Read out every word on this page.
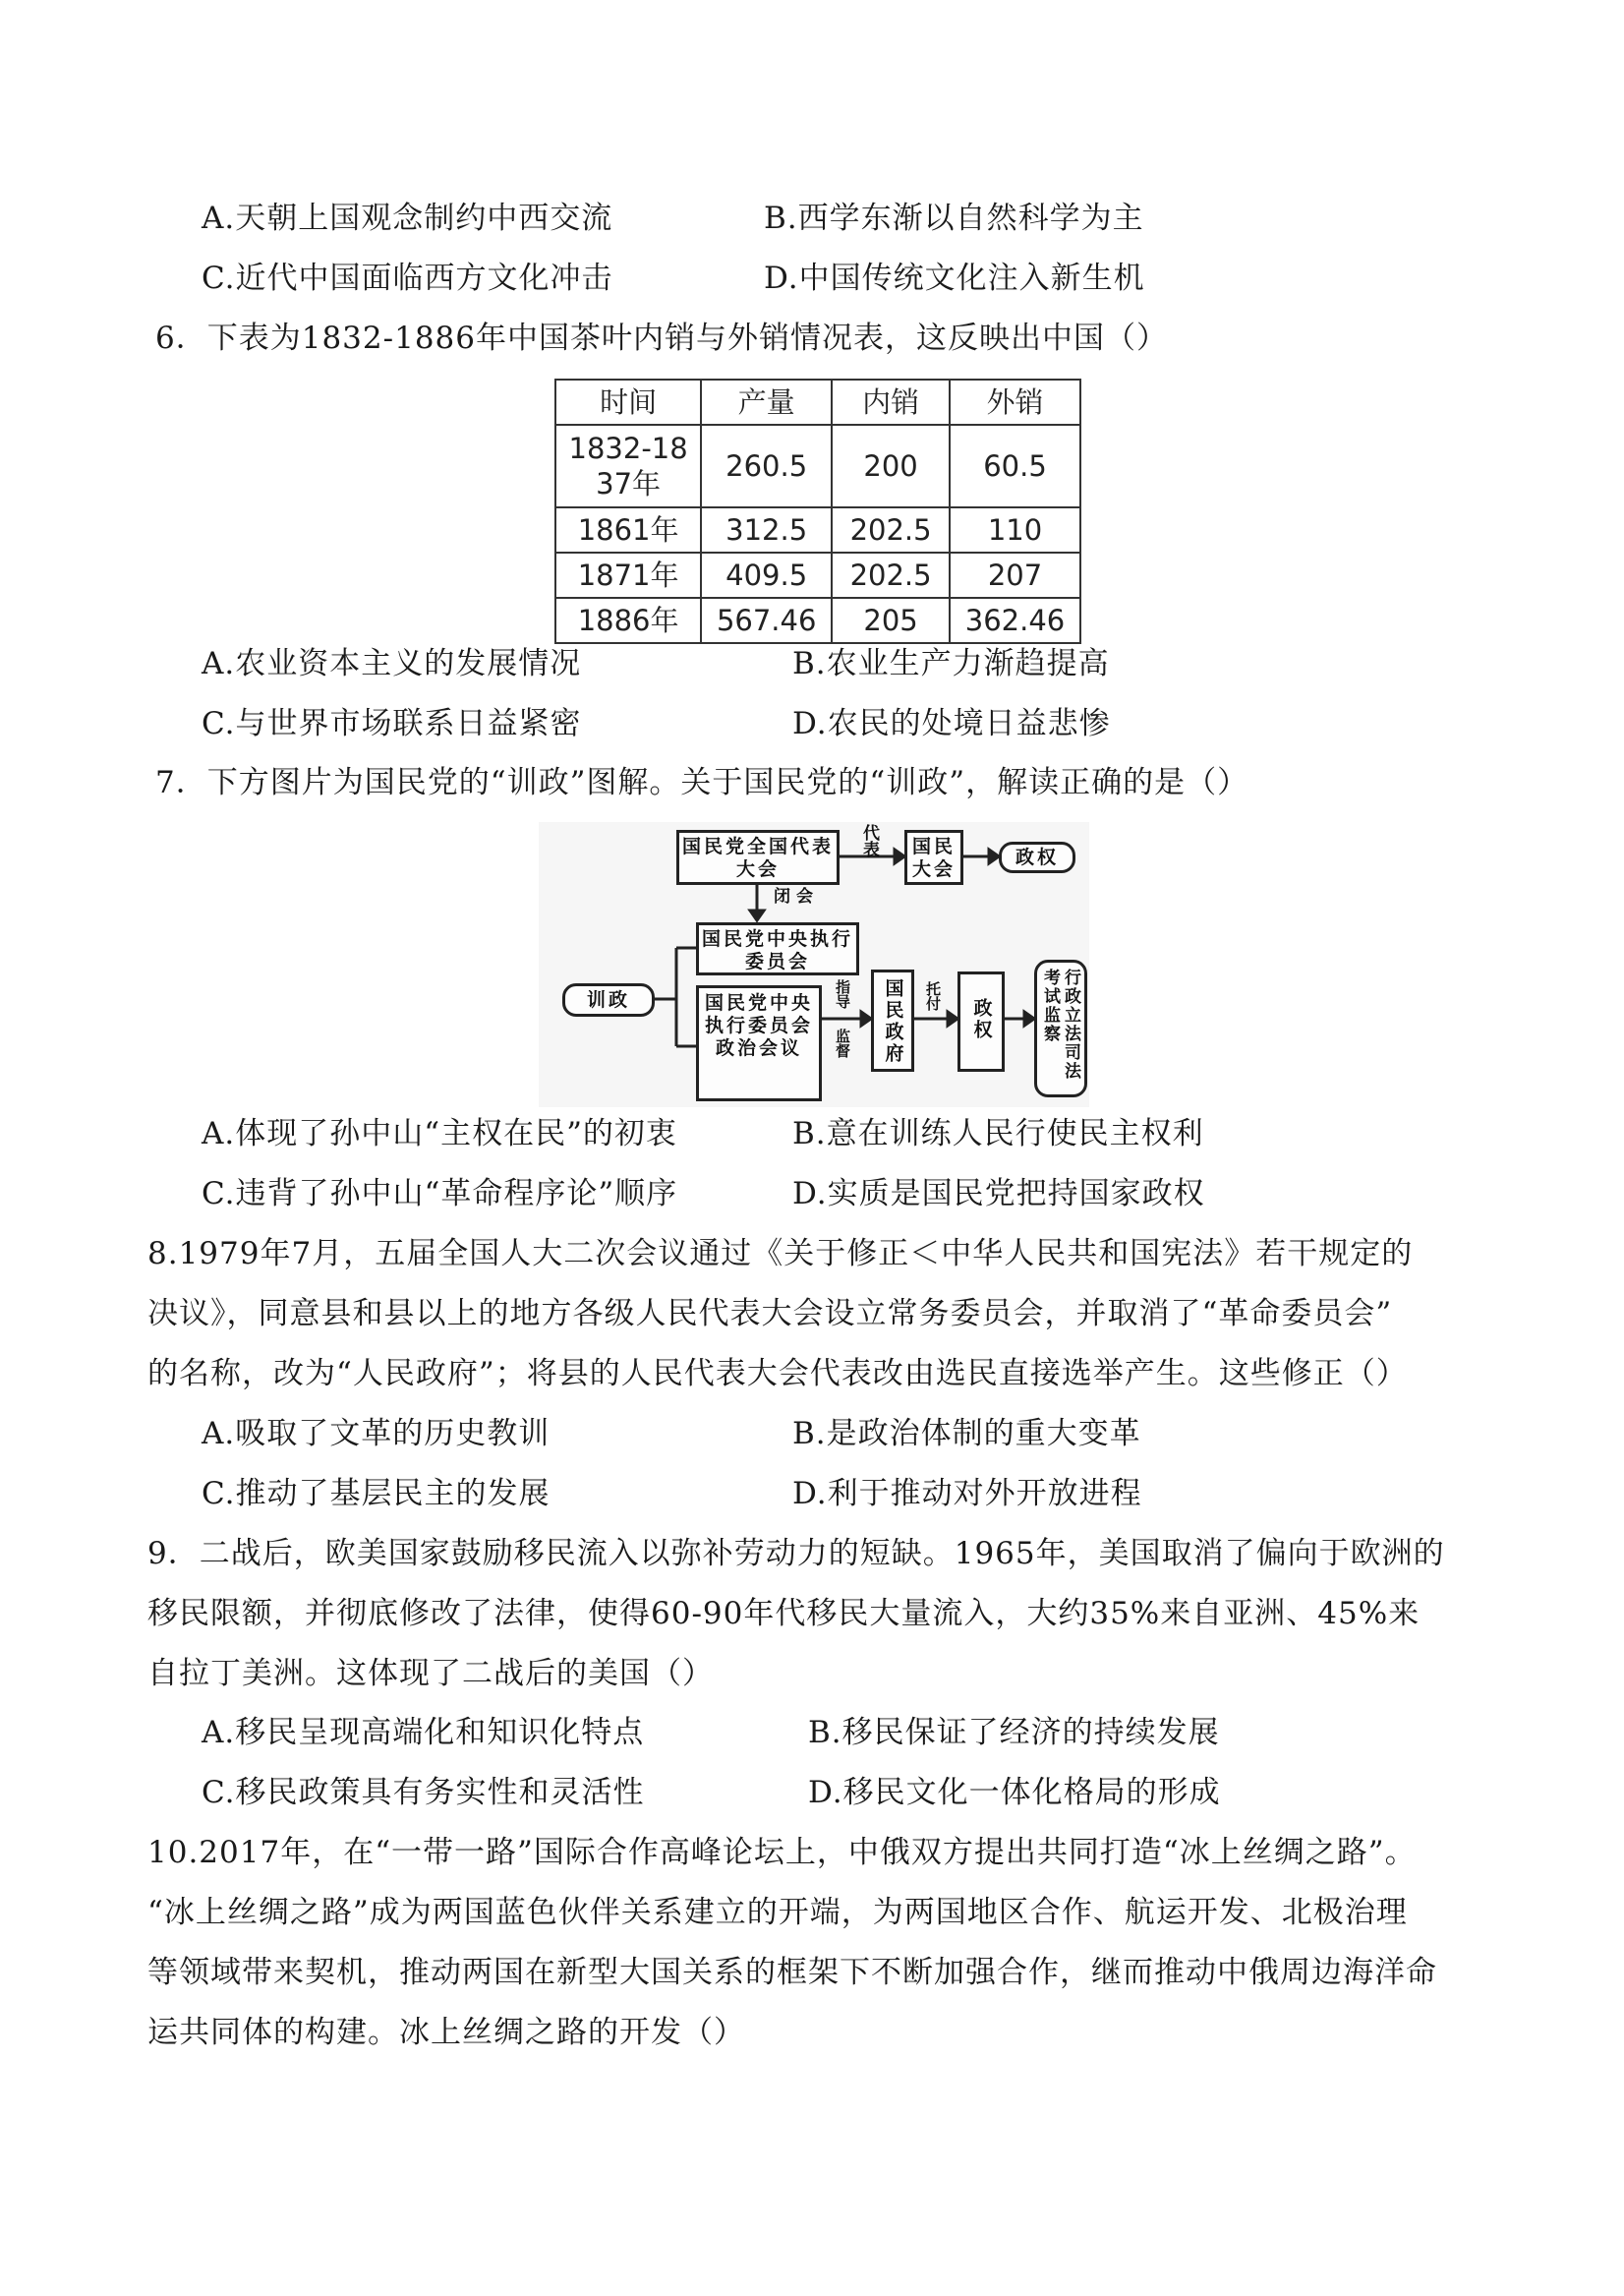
A.天朝上国观念制约中西交流	B.西学东渐以自然科学为主
C.近代中国面临西方文化冲击	D.中国传统文化注入新生机
6．下表为1832-1886年中国茶叶内销与外销情况表，这反映出中国（）
时间	产量	内销	外销
1832-1837年	260.5	200	60.5
1861年	312.5	202.5	110
1871年	409.5	202.5	207
1886年	567.46	205	362.46
A.农业资本主义的发展情况	B.农业生产力渐趋提高
C.与世界市场联系日益紧密	D.农民的处境日益悲惨
7．下方图片为国民党的“训政”图解。关于国民党的“训政”，解读正确的是（）
国民党全国代表大会
代表	国民大会
政权
闭会
国民党中央执行委员会
训政	国民党中央执行委员会政治会议
指导
监督	国民政府	托付
政权	行政立法司法考试监察
A.体现了孙中山“主权在民”的初衷	B.意在训练人民行使民主权利
C.违背了孙中山“革命程序论”顺序	D.实质是国民党把持国家政权
8.1979年7月，五届全国人大二次会议通过《关于修正＜中华人民共和国宪法》若干规定的
决议》，同意县和县以上的地方各级人民代表大会设立常务委员会，并取消了“革命委员会”
的名称，改为“人民政府”；将县的人民代表大会代表改由选民直接选举产生。这些修正（）
A.吸取了文革的历史教训	B.是政治体制的重大变革
C.推动了基层民主的发展	D.利于推动对外开放进程
9．二战后，欧美国家鼓励移民流入以弥补劳动力的短缺。1965年，美国取消了偏向于欧洲的
移民限额，并彻底修改了法律，使得60-90年代移民大量流入，大约35%来自亚洲、45%来
自拉丁美洲。这体现了二战后的美国（）
A.移民呈现高端化和知识化特点	B.移民保证了经济的持续发展
C.移民政策具有务实性和灵活性	D.移民文化一体化格局的形成
10.2017年，在“一带一路”国际合作高峰论坛上，中俄双方提出共同打造“冰上丝绸之路”。
“冰上丝绸之路”成为两国蓝色伙伴关系建立的开端，为两国地区合作、航运开发、北极治理
等领域带来契机，推动两国在新型大国关系的框架下不断加强合作，继而推动中俄周边海洋命
运共同体的构建。冰上丝绸之路的开发（）
